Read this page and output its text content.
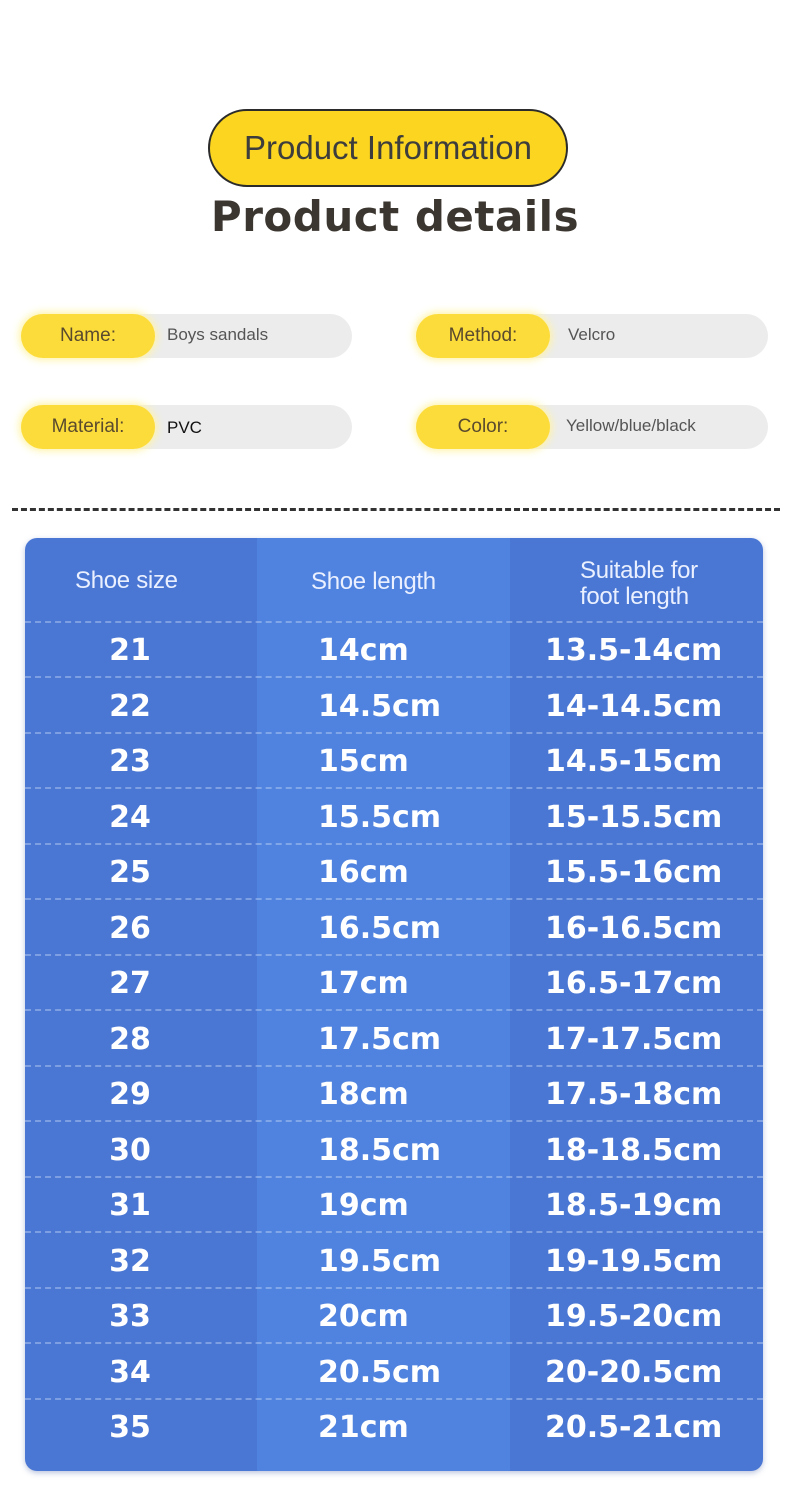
Product Information
Product details
Name:	Boys sandals	Method:	Velcro
Material:	PVC	Color:	Yellow/blue/black
Shoe size	Shoe length	Suitable for foot length
21	14cm	13.5-14cm
22	14.5cm	14-14.5cm
23	15cm	14.5-15cm
24	15.5cm	15-15.5cm
25	16cm	15.5-16cm
26	16.5cm	16-16.5cm
27	17cm	16.5-17cm
28	17.5cm	17-17.5cm
29	18cm	17.5-18cm
30	18.5cm	18-18.5cm
31	19cm	18.5-19cm
32	19.5cm	19-19.5cm
33	20cm	19.5-20cm
34	20.5cm	20-20.5cm
35	21cm	20.5-21cm
